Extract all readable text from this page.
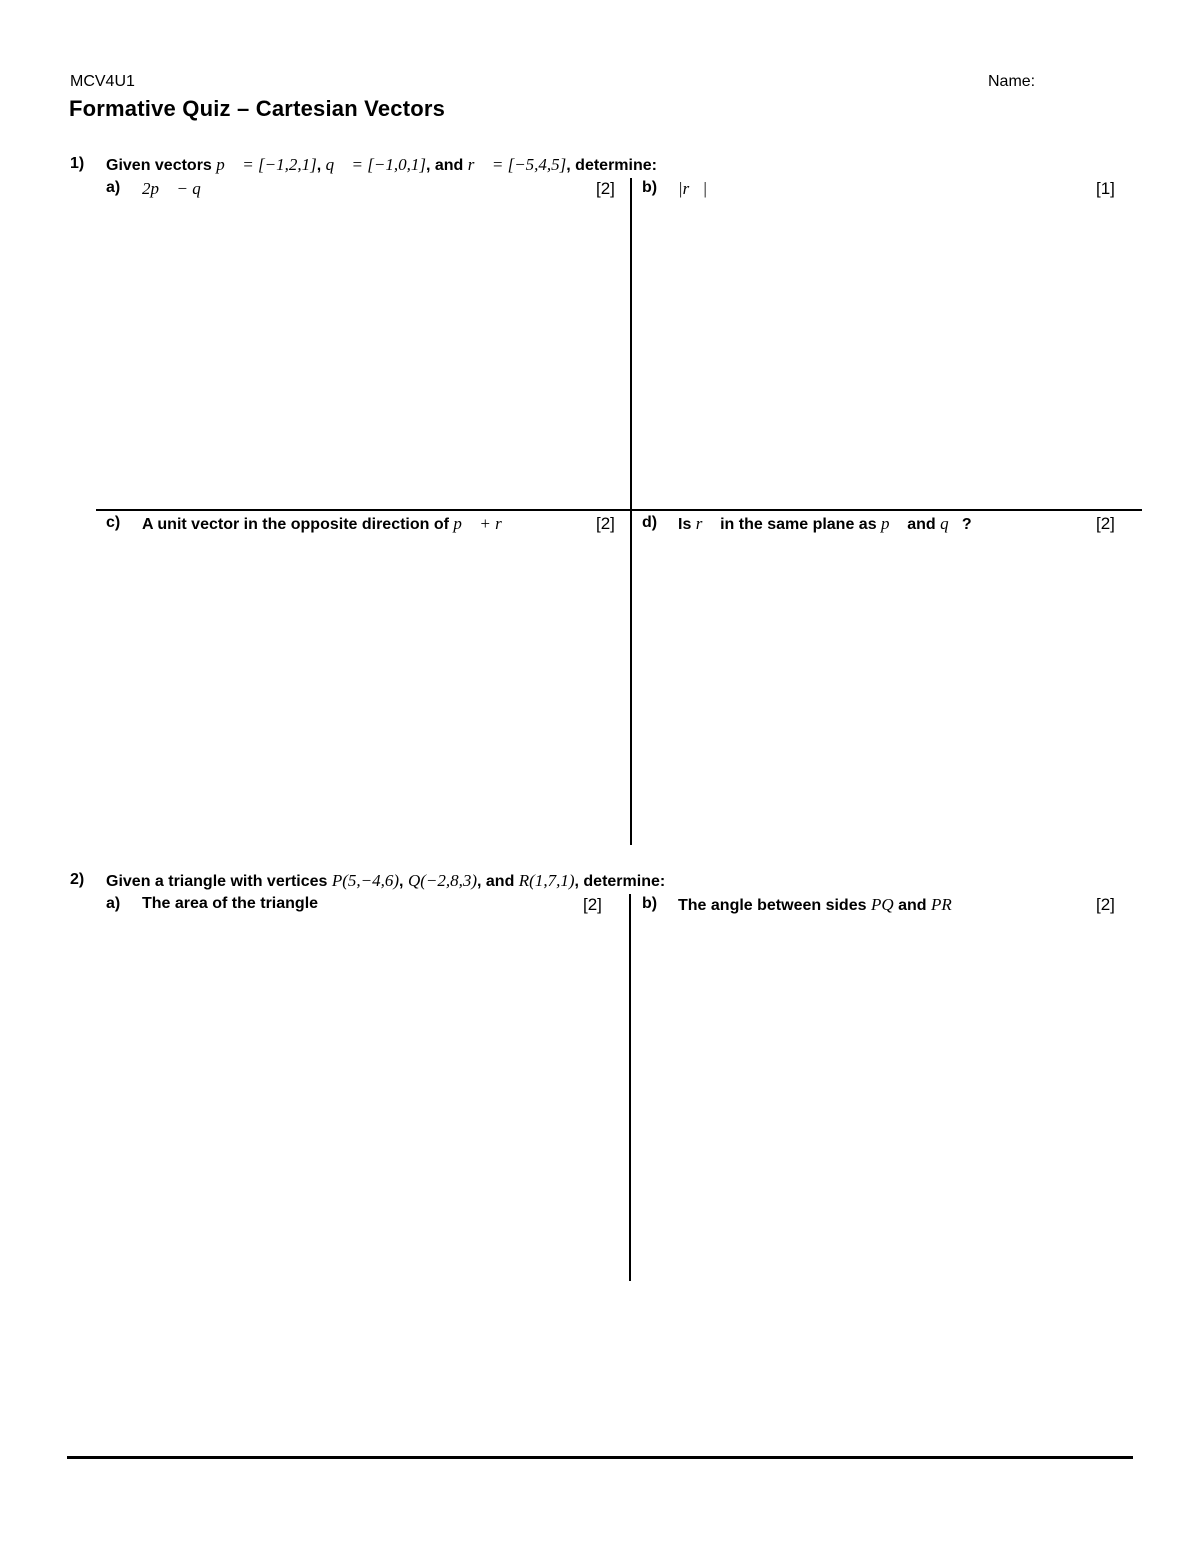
MCV4U1	Name:
Formative Quiz – Cartesian Vectors
1) Given vectors p⃗ = [−1,2,1], q⃗ = [−1,0,1], and r⃗ = [−5,4,5], determine:
a) 2p⃗ − q⃗	[2] b) |r⃗|	[1]
c) A unit vector in the opposite direction of p⃗ + r⃗	[2] d) Is r⃗ in the same plane as p⃗ and q⃗?	[2]
2) Given a triangle with vertices P(5,−4,6), Q(−2,8,3), and R(1,7,1), determine:
a) The area of the triangle	[2]	b) The angle between sides PQ and PR	[2]
